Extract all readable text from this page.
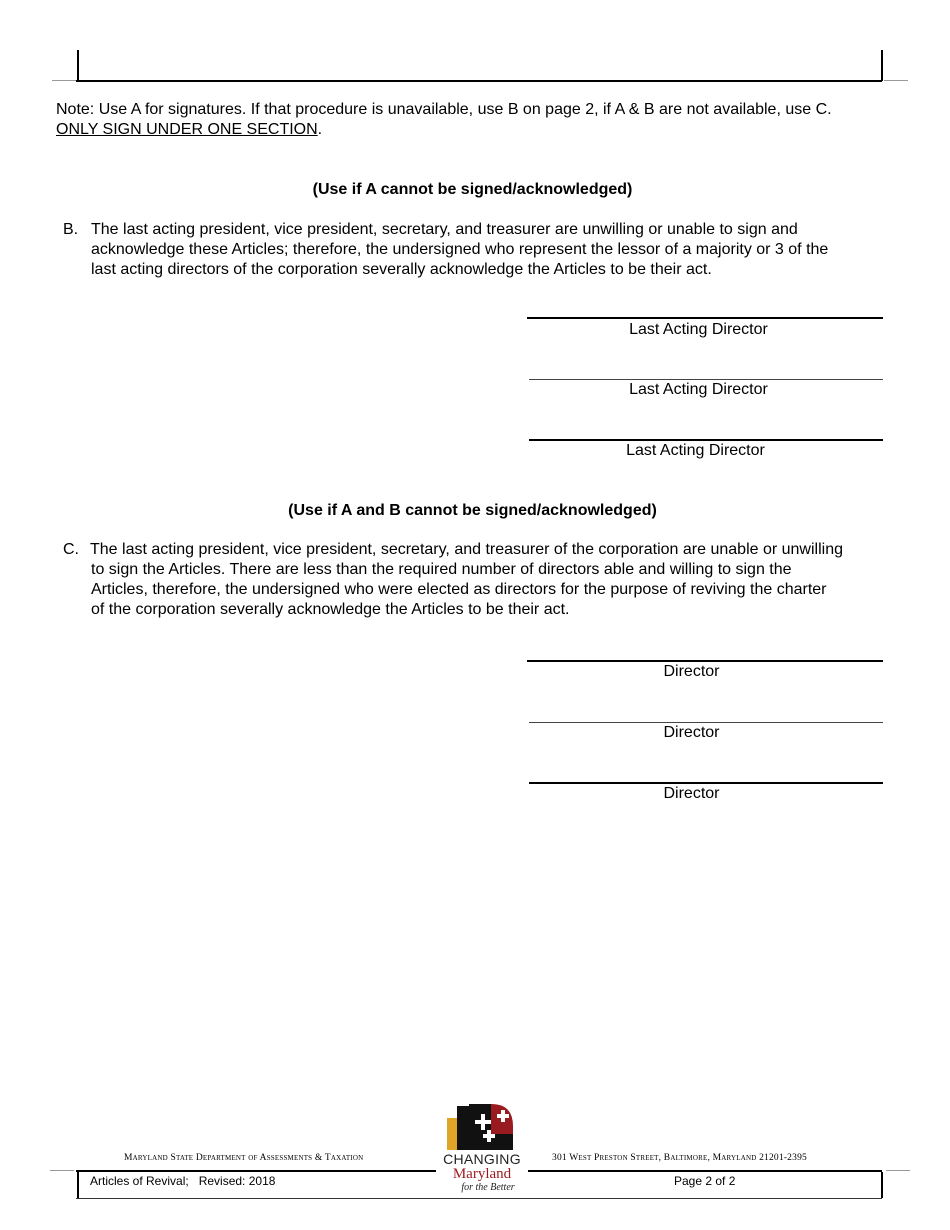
Note: Use A for signatures. If that procedure is unavailable, use B on page 2, if A & B are not available, use C.
ONLY SIGN UNDER ONE SECTION.
(Use if A cannot be signed/acknowledged)
B. The last acting president, vice president, secretary, and treasurer are unwilling or unable to sign and
acknowledge these Articles; therefore, the undersigned who represent the lessor of a majority or 3 of the
last acting directors of the corporation severally acknowledge the Articles to be their act.
Last Acting Director
Last Acting Director
Last Acting Director
(Use if A and B cannot be signed/acknowledged)
C. The last acting president, vice president, secretary, and treasurer of the corporation are unable or unwilling
to sign the Articles. There are less than the required number of directors able and willing to sign the
Articles, therefore, the undersigned who were elected as directors for the purpose of reviving the charter
of the corporation severally acknowledge the Articles to be their act.
Director
Director
Director
Maryland State Department of Assessments & Taxation	301 West Preston Street, Baltimore, Maryland 21201-2395
CHANGING
Maryland
for the Better
Articles of Revival;   Revised: 2018	Page 2 of 2
